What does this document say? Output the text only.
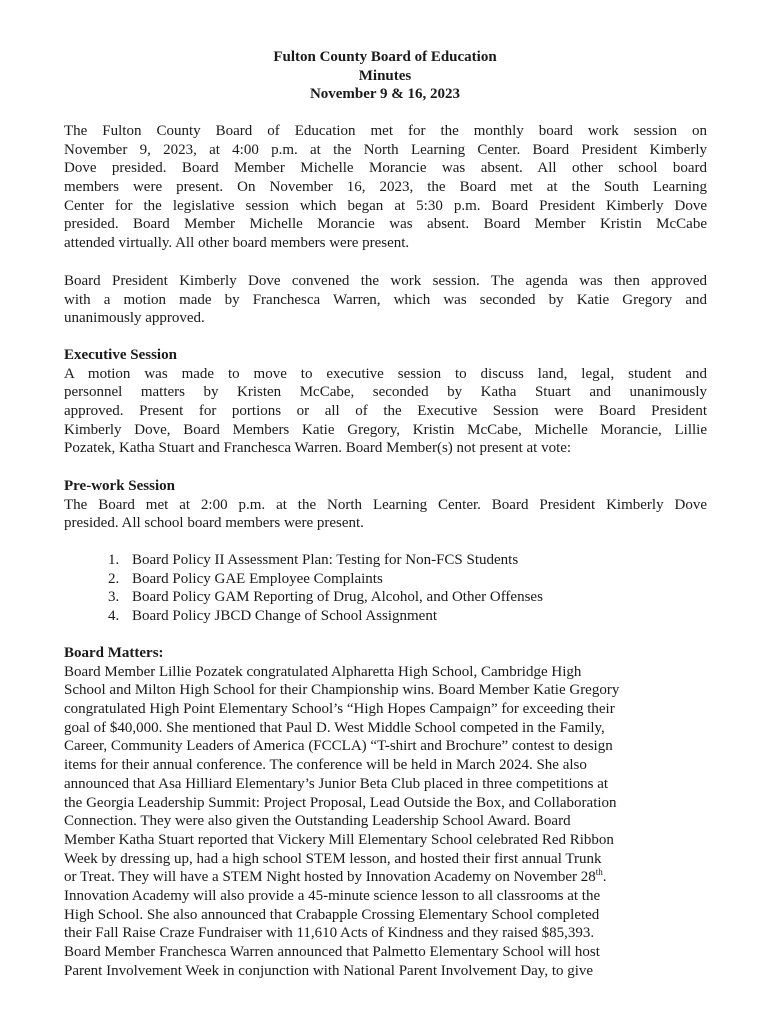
Fulton County Board of Education
Minutes
November 9 & 16, 2023
The Fulton County Board of Education met for the monthly board work session on
November 9, 2023, at 4:00 p.m. at the North Learning Center. Board President Kimberly
Dove presided. Board Member Michelle Morancie was absent. All other school board
members were present. On November 16, 2023, the Board met at the South Learning
Center for the legislative session which began at 5:30 p.m. Board President Kimberly Dove
presided. Board Member Michelle Morancie was absent. Board Member Kristin McCabe
attended virtually. All other board members were present.
Board President Kimberly Dove convened the work session. The agenda was then approved
with a motion made by Franchesca Warren, which was seconded by Katie Gregory and
unanimously approved.
Executive Session
A motion was made to move to executive session to discuss land, legal, student and
personnel matters by Kristen McCabe, seconded by Katha Stuart and unanimously
approved. Present for portions or all of the Executive Session were Board President
Kimberly Dove, Board Members Katie Gregory, Kristin McCabe, Michelle Morancie, Lillie
Pozatek, Katha Stuart and Franchesca Warren. Board Member(s) not present at vote:
Pre-work Session
The Board met at 2:00 p.m. at the North Learning Center. Board President Kimberly Dove
presided. All school board members were present.
1. Board Policy II Assessment Plan: Testing for Non-FCS Students
2. Board Policy GAE Employee Complaints
3. Board Policy GAM Reporting of Drug, Alcohol, and Other Offenses
4. Board Policy JBCD Change of School Assignment
Board Matters:
Board Member Lillie Pozatek congratulated Alpharetta High School, Cambridge High
School and Milton High School for their Championship wins. Board Member Katie Gregory
congratulated High Point Elementary School’s “High Hopes Campaign” for exceeding their
goal of $40,000. She mentioned that Paul D. West Middle School competed in the Family,
Career, Community Leaders of America (FCCLA) “T-shirt and Brochure” contest to design
items for their annual conference. The conference will be held in March 2024. She also
announced that Asa Hilliard Elementary’s Junior Beta Club placed in three competitions at
the Georgia Leadership Summit: Project Proposal, Lead Outside the Box, and Collaboration
Connection. They were also given the Outstanding Leadership School Award. Board
Member Katha Stuart reported that Vickery Mill Elementary School celebrated Red Ribbon
Week by dressing up, had a high school STEM lesson, and hosted their first annual Trunk
or Treat. They will have a STEM Night hosted by Innovation Academy on November 28th.
Innovation Academy will also provide a 45-minute science lesson to all classrooms at the
High School. She also announced that Crabapple Crossing Elementary School completed
their Fall Raise Craze Fundraiser with 11,610 Acts of Kindness and they raised $85,393.
Board Member Franchesca Warren announced that Palmetto Elementary School will host
Parent Involvement Week in conjunction with National Parent Involvement Day, to give
